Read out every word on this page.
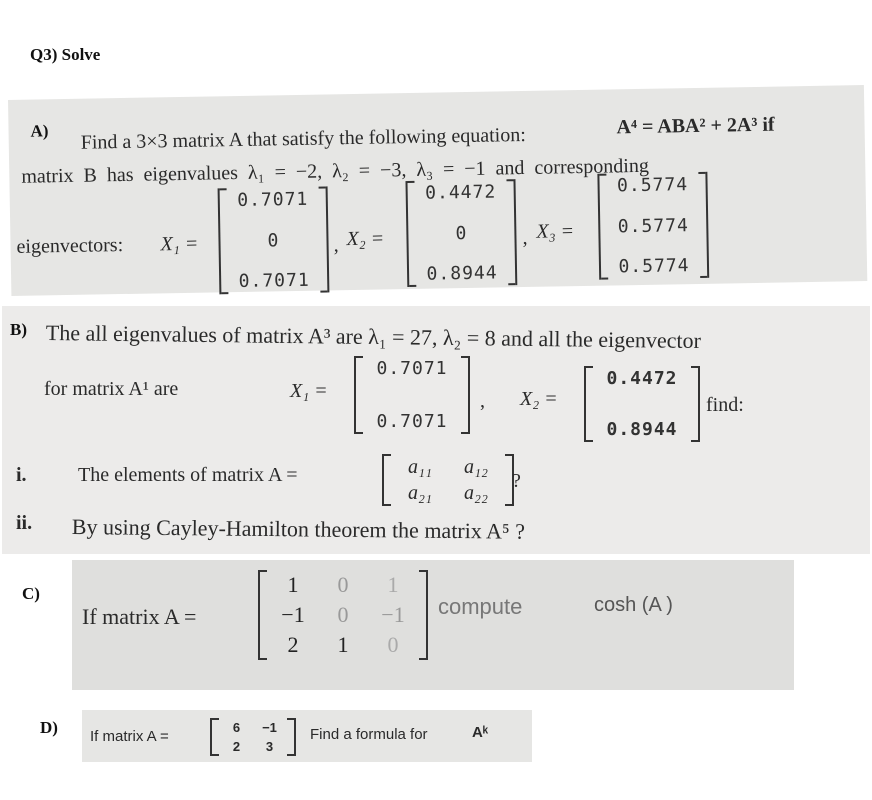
Q3) Solve
A) Find a 3×3 matrix A that satisfy the following equation:	A⁴ = ABA² + 2A³ if
matrix B has eigenvalues λ₁ = −2, λ₂ = −3, λ₃ = −1 and corresponding
eigenvectors: X₁ =
0.7071
0
0.7071
, X₂ =
0.4472
0
0.8944
, X₃ =
0.5774
0.5774
0.5774
B) The all eigenvalues of matrix A³ are λ₁ = 27, λ₂ = 8 and all the eigenvector
for matrix A¹ are	X₁ =
0.7071
0.7071
, X₂ =
0.4472
0.8944
find:
i.	The elements of matrix A =	a₁₁ a₁₂
a₂₁ a₂₂
?
ii. By using Cayley-Hamilton theorem the matrix A⁵ ?
C)
If matrix A =
1 0 1
−1 0 −1
2 1 0
compute	cosh (A )
D) If matrix A =
6 −1
2 3
Find a formula for	Aᵏ
